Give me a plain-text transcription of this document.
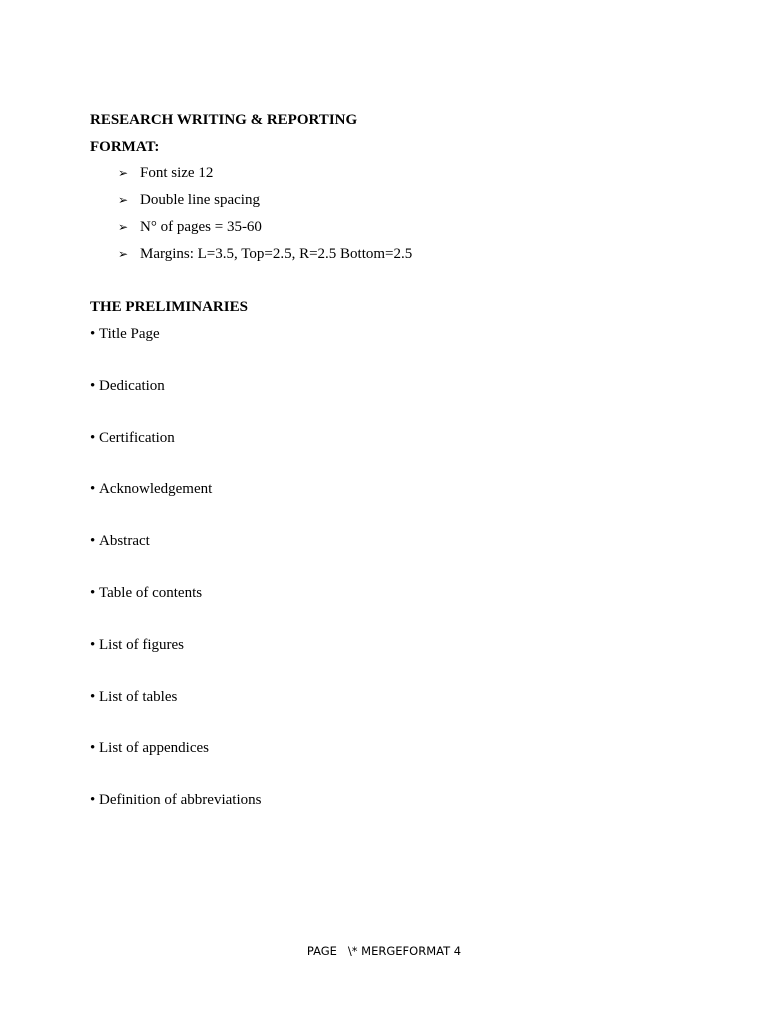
RESEARCH WRITING & REPORTING
FORMAT:
➢ Font size 12
➢ Double line spacing
➢ N° of pages = 35-60
➢ Margins: L=3.5, Top=2.5, R=2.5 Bottom=2.5
THE PRELIMINARIES
• Title Page
• Dedication
• Certification
• Acknowledgement
• Abstract
• Table of contents
• List of figures
• List of tables
• List of appendices
• Definition of abbreviations
PAGE   \* MERGEFORMAT 4
